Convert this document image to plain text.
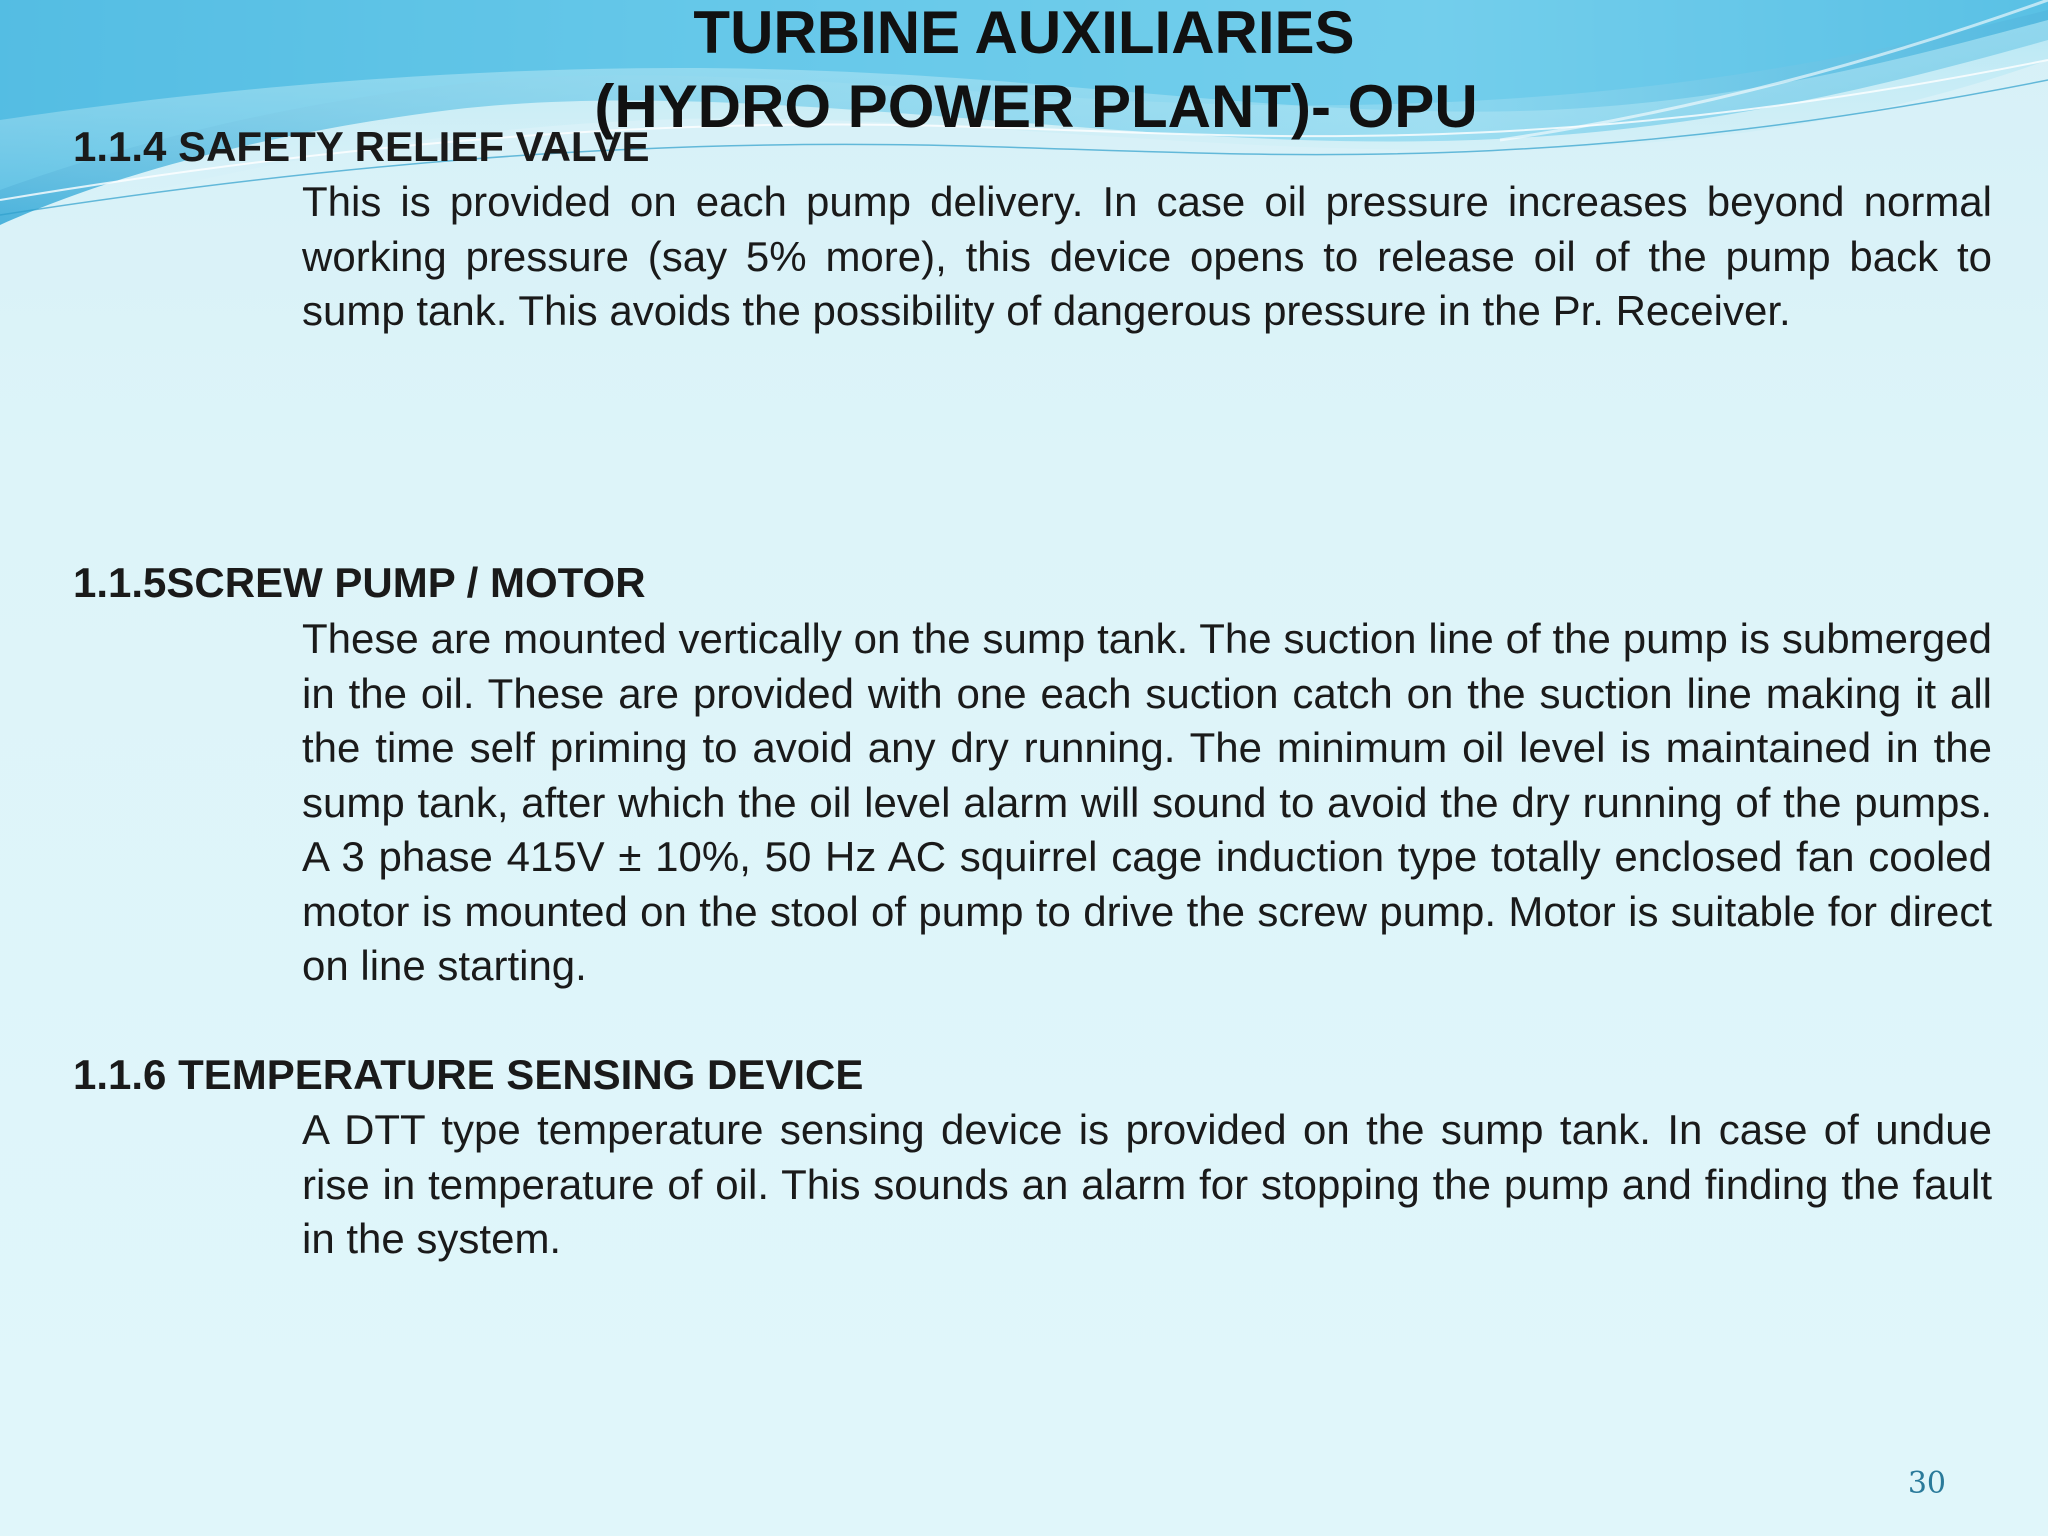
TURBINE AUXILIARIES
(HYDRO POWER PLANT)- OPU
1.1.4 SAFETY RELIEF VALVE
This is provided on each pump delivery. In case oil pressure increases beyond normal working pressure (say 5% more), this device opens to release oil of the pump back to sump tank. This avoids the possibility of dangerous pressure in the Pr. Receiver.
1.1.5SCREW PUMP / MOTOR
These are mounted vertically on the sump tank. The suction line of the pump is submerged in the oil. These are provided with one each suction catch on the suction line making it all the time self priming to avoid any dry running. The minimum oil level is maintained in the sump tank, after which the oil level alarm will sound to avoid the dry running of the pumps. A 3 phase 415V ± 10%, 50 Hz AC squirrel cage induction type totally enclosed fan cooled motor is mounted on the stool of pump to drive the screw pump. Motor is suitable for direct on line starting.
1.1.6 TEMPERATURE SENSING DEVICE
A DTT type temperature sensing device is provided on the sump tank. In case of undue rise in temperature of oil. This sounds an alarm for stopping the pump and finding the fault in the system.
30
